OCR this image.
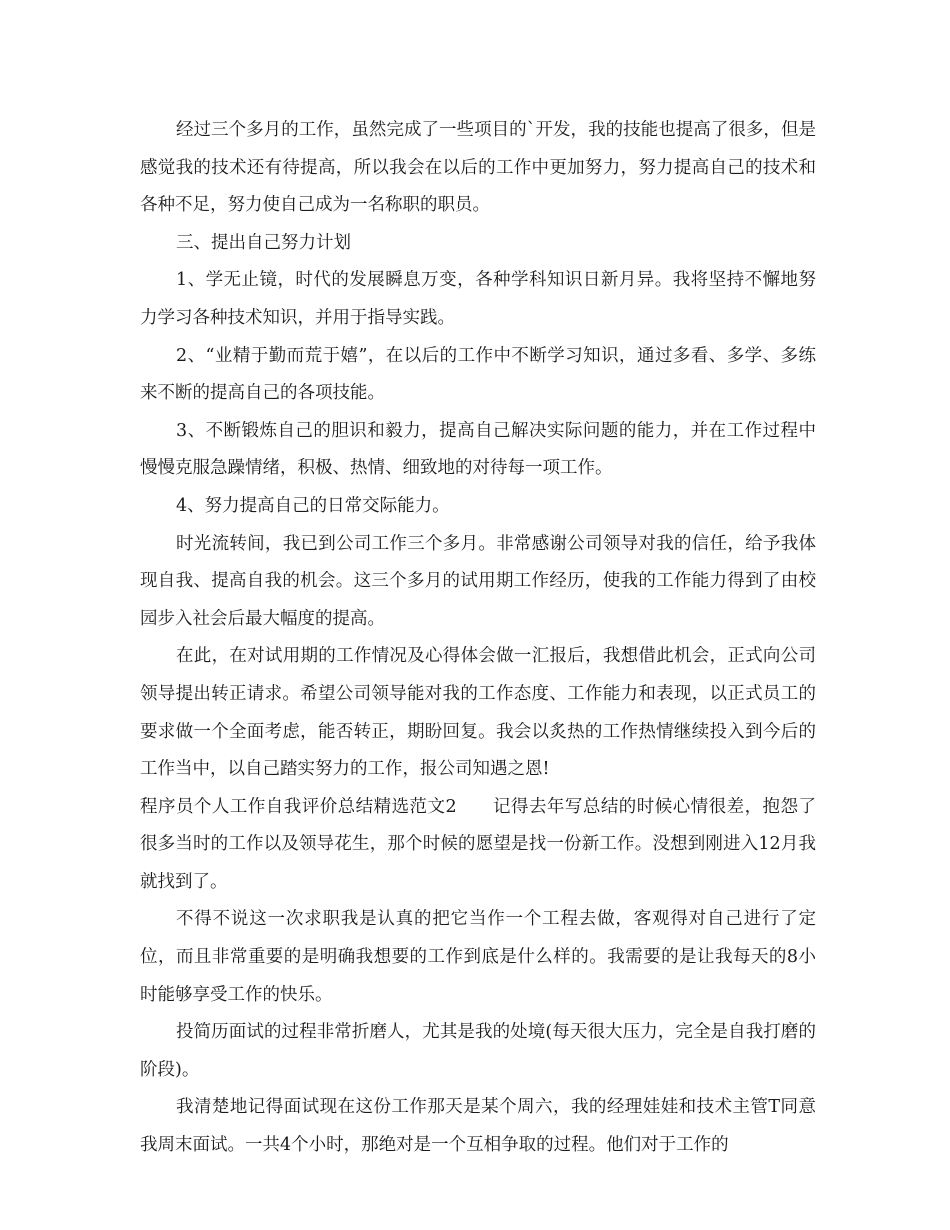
经过三个多月的工作，虽然完成了一些项目的`开发，我的技能也提高了很多，但是感觉我的技术还有待提高，所以我会在以后的工作中更加努力，努力提高自己的技术和各种不足，努力使自己成为一名称职的职员。

三、提出自己努力计划

1、学无止镜，时代的发展瞬息万变，各种学科知识日新月异。我将坚持不懈地努力学习各种技术知识，并用于指导实践。

2、“业精于勤而荒于嬉”，在以后的工作中不断学习知识，通过多看、多学、多练来不断的提高自己的各项技能。

3、不断锻炼自己的胆识和毅力，提高自己解决实际问题的能力，并在工作过程中慢慢克服急躁情绪，积极、热情、细致地的对待每一项工作。

4、努力提高自己的日常交际能力。

时光流转间，我已到公司工作三个多月。非常感谢公司领导对我的信任，给予我体现自我、提高自我的机会。这三个多月的试用期工作经历，使我的工作能力得到了由校园步入社会后最大幅度的提高。

在此，在对试用期的工作情况及心得体会做一汇报后，我想借此机会，正式向公司领导提出转正请求。希望公司领导能对我的工作态度、工作能力和表现，以正式员工的要求做一个全面考虑，能否转正，期盼回复。我会以炙热的工作热情继续投入到今后的工作当中，以自己踏实努力的工作，报公司知遇之恩!

程序员个人工作自我评价总结精选范文2　　记得去年写总结的时候心情很差，抱怨了很多当时的工作以及领导花生，那个时候的愿望是找一份新工作。没想到刚进入12月我就找到了。

不得不说这一次求职我是认真的把它当作一个工程去做，客观得对自己进行了定位，而且非常重要的是明确我想要的工作到底是什么样的。我需要的是让我每天的8小时能够享受工作的快乐。

投简历面试的过程非常折磨人，尤其是我的处境(每天很大压力，完全是自我打磨的阶段)。

我清楚地记得面试现在这份工作那天是某个周六，我的经理娃娃和技术主管T同意我周末面试。一共4个小时，那绝对是一个互相争取的过程。他们对于工作的
